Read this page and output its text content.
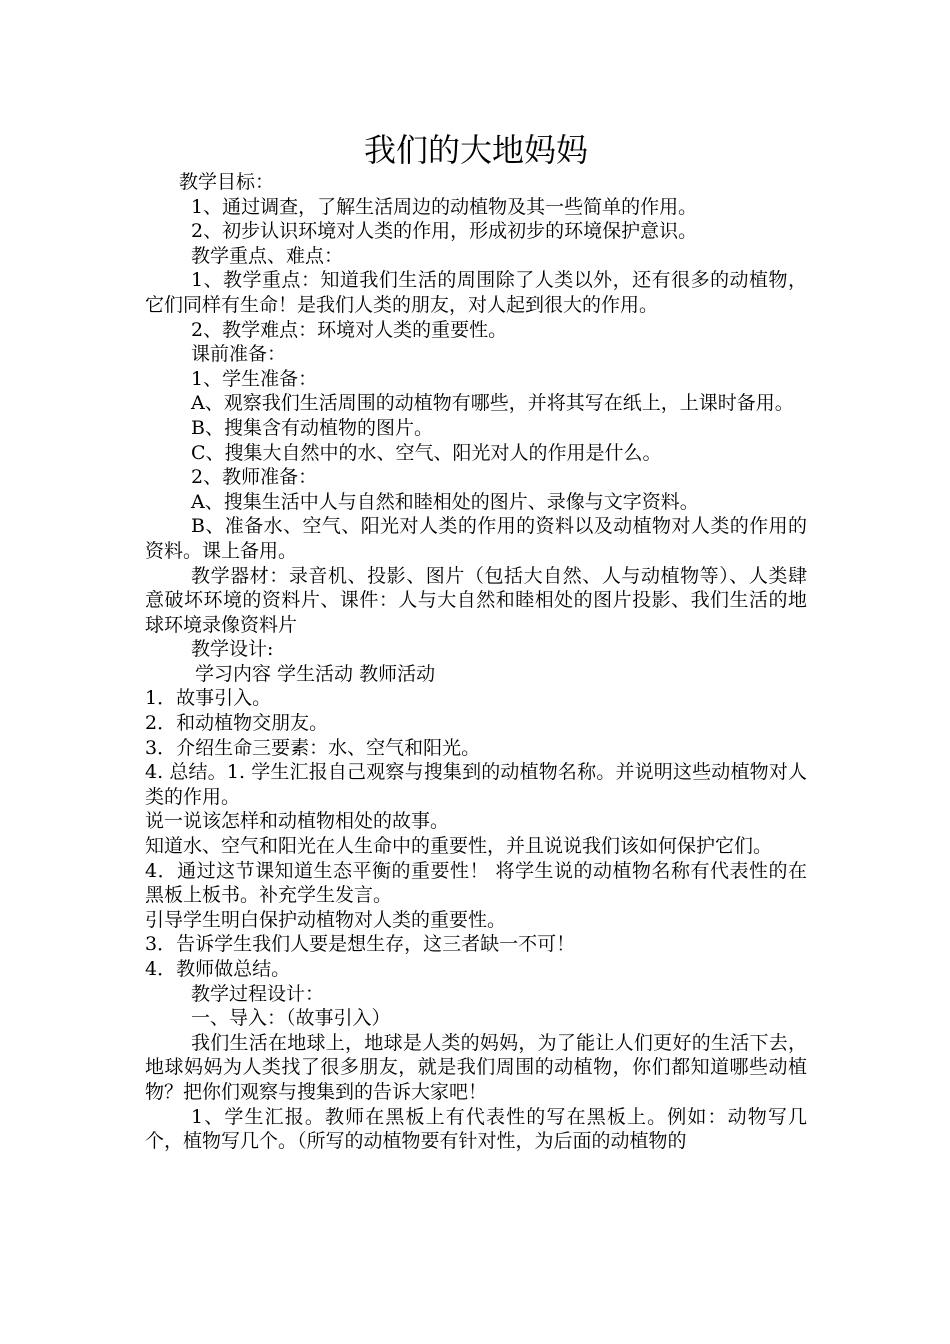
我们的大地妈妈

教学目标：

1、通过调查，了解生活周边的动植物及其一些简单的作用。

2、初步认识环境对人类的作用，形成初步的环境保护意识。

教学重点、难点：

1、教学重点：知道我们生活的周围除了人类以外，还有很多的动植物，它们同样有生命！是我们人类的朋友，对人起到很大的作用。

2、教学难点：环境对人类的重要性。

课前准备：

1、学生准备：

A、观察我们生活周围的动植物有哪些，并将其写在纸上，上课时备用。

B、搜集含有动植物的图片。

C、搜集大自然中的水、空气、阳光对人的作用是什么。

2、教师准备：

A、搜集生活中人与自然和睦相处的图片、录像与文字资料。

B、准备水、空气、阳光对人类的作用的资料以及动植物对人类的作用的资料。课上备用。

教学器材：录音机、投影、图片（包括大自然、人与动植物等）、人类肆意破坏环境的资料片、课件：人与大自然和睦相处的图片投影、我们生活的地球环境录像资料片

教学设计:

学习内容 学生活动 教师活动

1．故事引入。

2．和动植物交朋友。

3．介绍生命三要素：水、空气和阳光。

4. 总结。1. 学生汇报自己观察与搜集到的动植物名称。并说明这些动植物对人类的作用。

说一说该怎样和动植物相处的故事。

知道水、空气和阳光在人生命中的重要性，并且说说我们该如何保护它们。

4．通过这节课知道生态平衡的重要性！ 将学生说的动植物名称有代表性的在黑板上板书。补充学生发言。

引导学生明白保护动植物对人类的重要性。

3．告诉学生我们人要是想生存，这三者缺一不可！

4．教师做总结。

教学过程设计：

一、导入：（故事引入）

我们生活在地球上，地球是人类的妈妈，为了能让人们更好的生活下去，地球妈妈为人类找了很多朋友，就是我们周围的动植物，你们都知道哪些动植物？把你们观察与搜集到的告诉大家吧！

1、学生汇报。教师在黑板上有代表性的写在黑板上。例如：动物写几个，植物写几个。（所写的动植物要有针对性，为后面的动植物的
